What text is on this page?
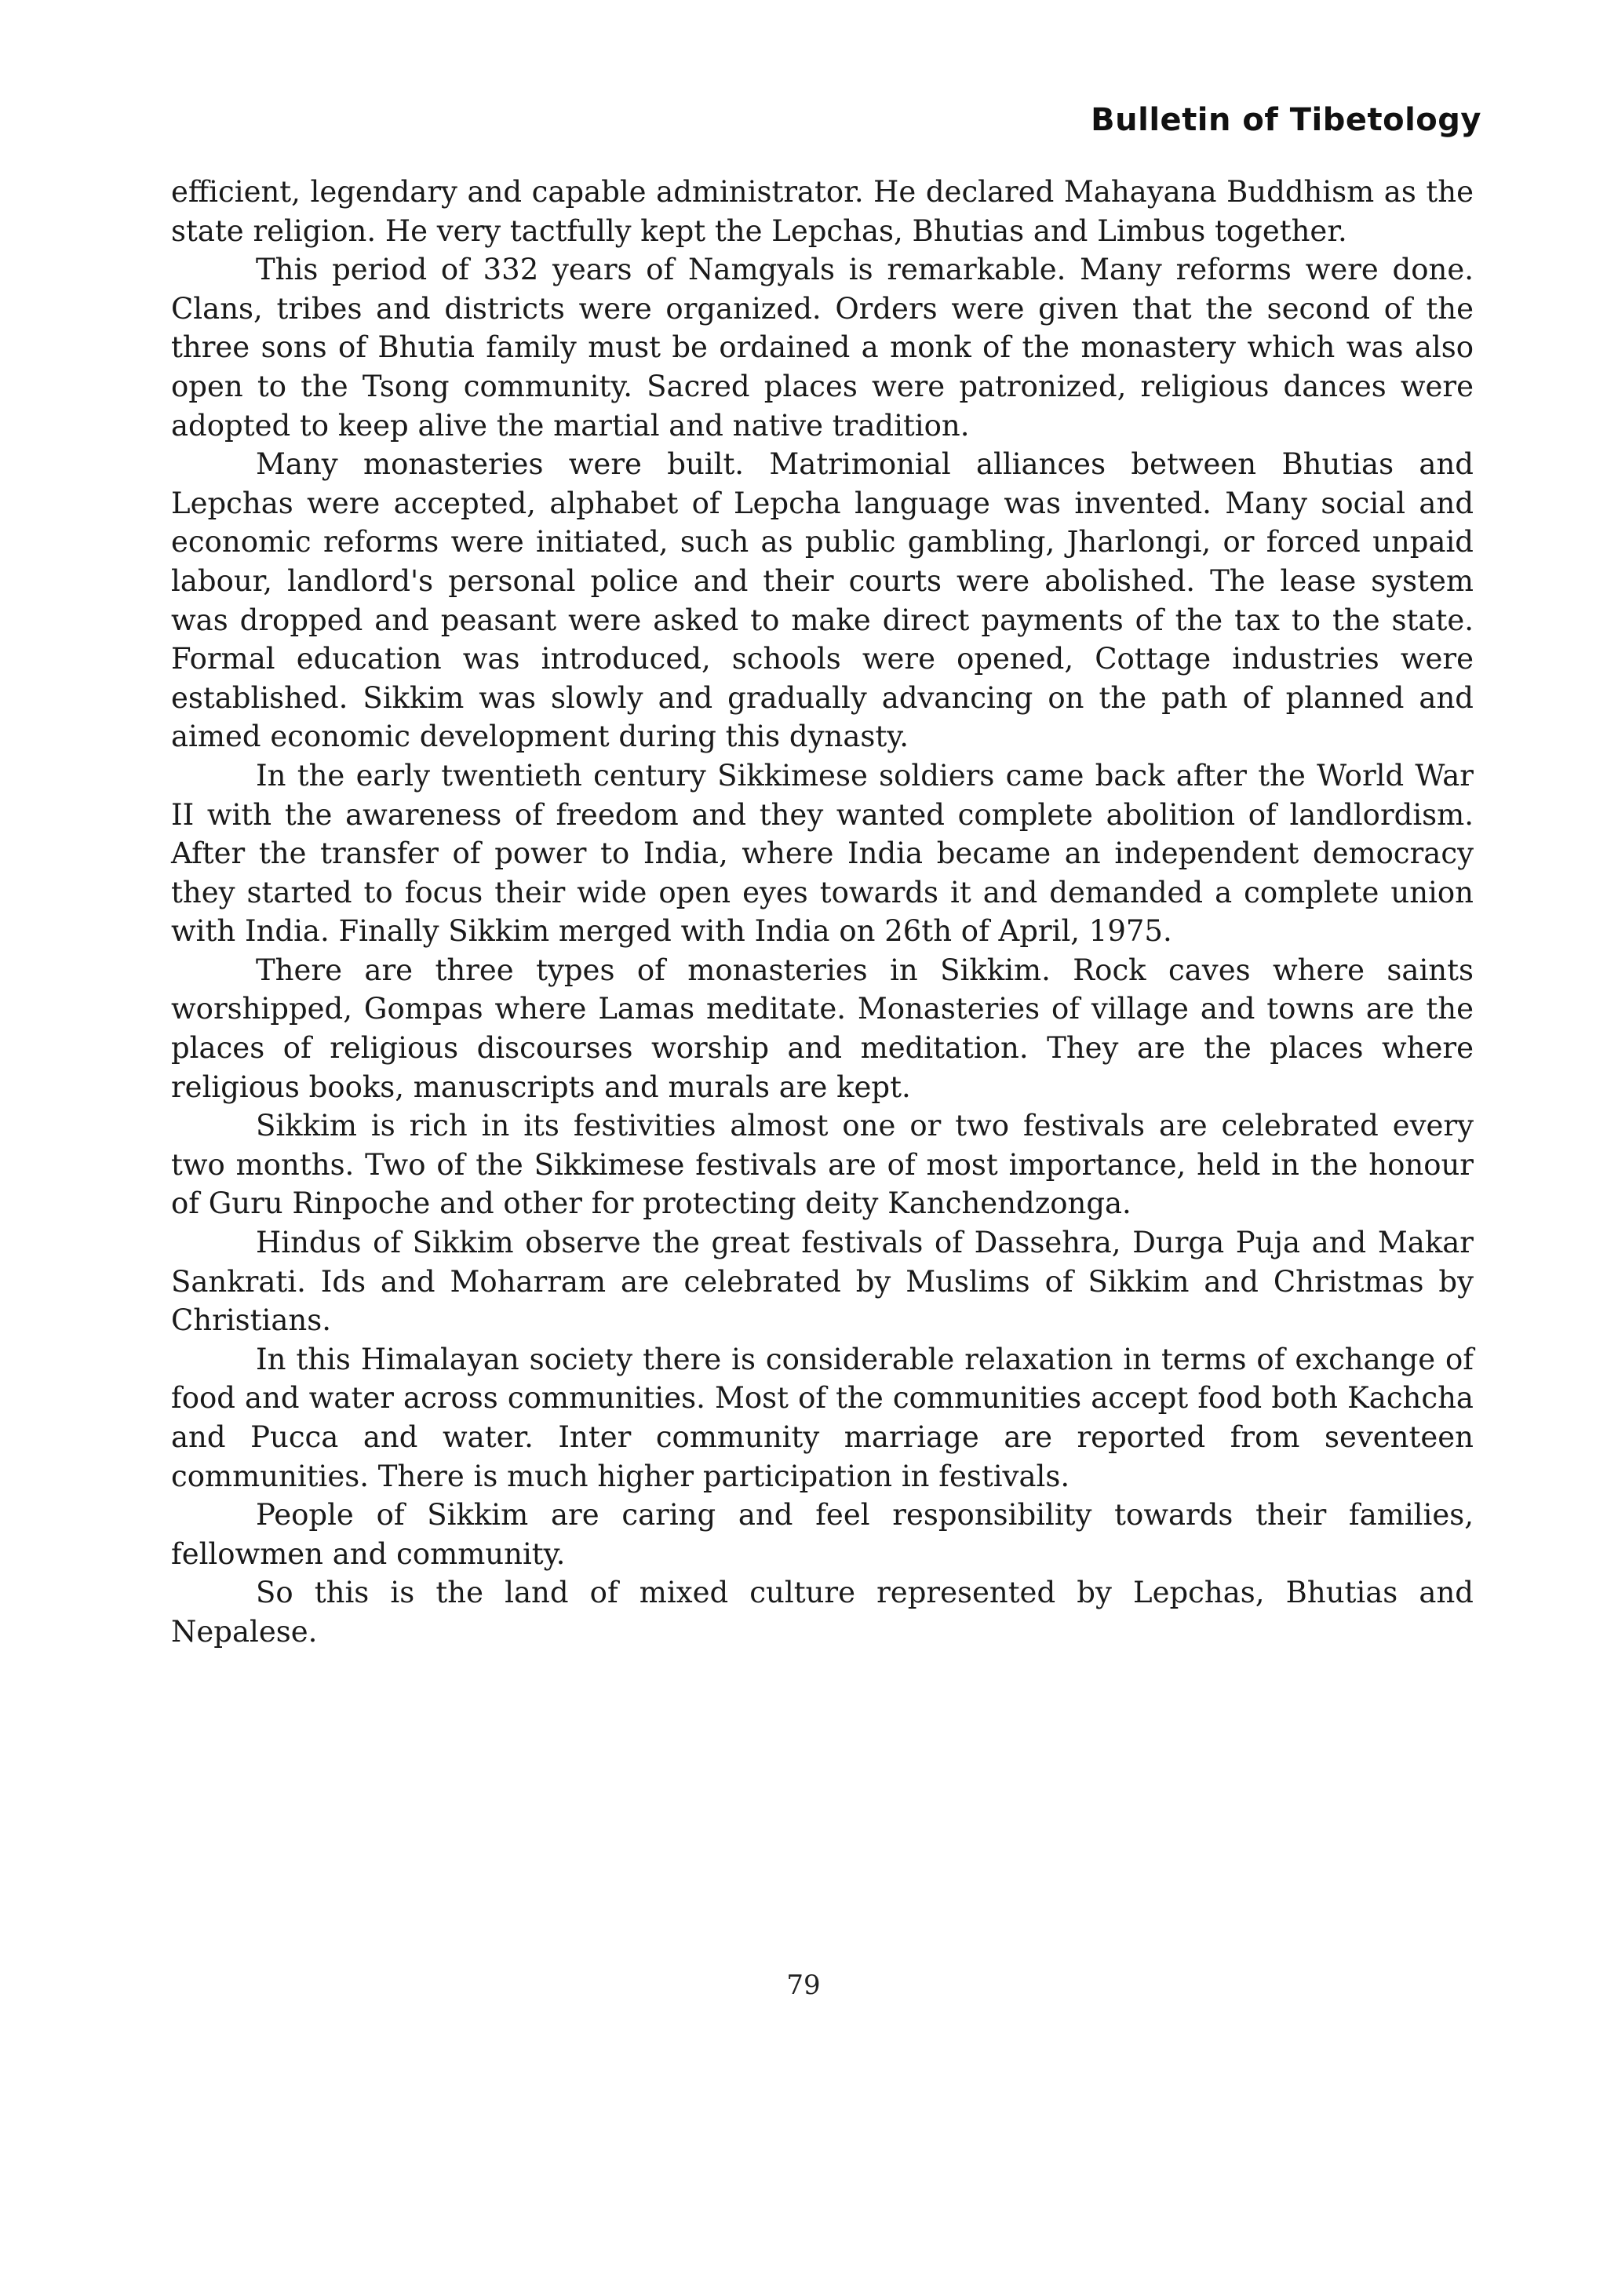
Bulletin of Tibetology

efficient, legendary and capable administrator. He declared Mahayana Buddhism as the state religion. He very tactfully kept the Lepchas, Bhutias and Limbus together.

This period of 332 years of Namgyals is remarkable. Many reforms were done. Clans, tribes and districts were organized. Orders were given that the second of the three sons of Bhutia family must be ordained a monk of the monastery which was also open to the Tsong community. Sacred places were patronized, religious dances were adopted to keep alive the martial and native tradition.

Many monasteries were built. Matrimonial alliances between Bhutias and Lepchas were accepted, alphabet of Lepcha language was invented. Many social and economic reforms were initiated, such as public gambling, Jharlongi, or forced unpaid labour, landlord's personal police and their courts were abolished. The lease system was dropped and peasant were asked to make direct payments of the tax to the state. Formal education was introduced, schools were opened, Cottage industries were established. Sikkim was slowly and gradually advancing on the path of planned and aimed economic development during this dynasty.

In the early twentieth century Sikkimese soldiers came back after the World War II with the awareness of freedom and they wanted complete abolition of landlordism. After the transfer of power to India, where India became an independent democracy they started to focus their wide open eyes towards it and demanded a complete union with India. Finally Sikkim merged with India on 26th of April, 1975.

There are three types of monasteries in Sikkim. Rock caves where saints worshipped, Gompas where Lamas meditate. Monasteries of village and towns are the places of religious discourses worship and meditation. They are the places where religious books, manuscripts and murals are kept.

Sikkim is rich in its festivities almost one or two festivals are celebrated every two months. Two of the Sikkimese festivals are of most importance, held in the honour of Guru Rinpoche and other for protecting deity Kanchendzonga.

Hindus of Sikkim observe the great festivals of Dassehra, Durga Puja and Makar Sankrati. Ids and Moharram are celebrated by Muslims of Sikkim and Christmas by Christians.

In this Himalayan society there is considerable relaxation in terms of exchange of food and water across communities. Most of the communities accept food both Kachcha and Pucca and water. Inter community marriage are reported from seventeen communities. There is much higher participation in festivals.

People of Sikkim are caring and feel responsibility towards their families, fellowmen and community.

So this is the land of mixed culture represented by Lepchas, Bhutias and Nepalese.

79
